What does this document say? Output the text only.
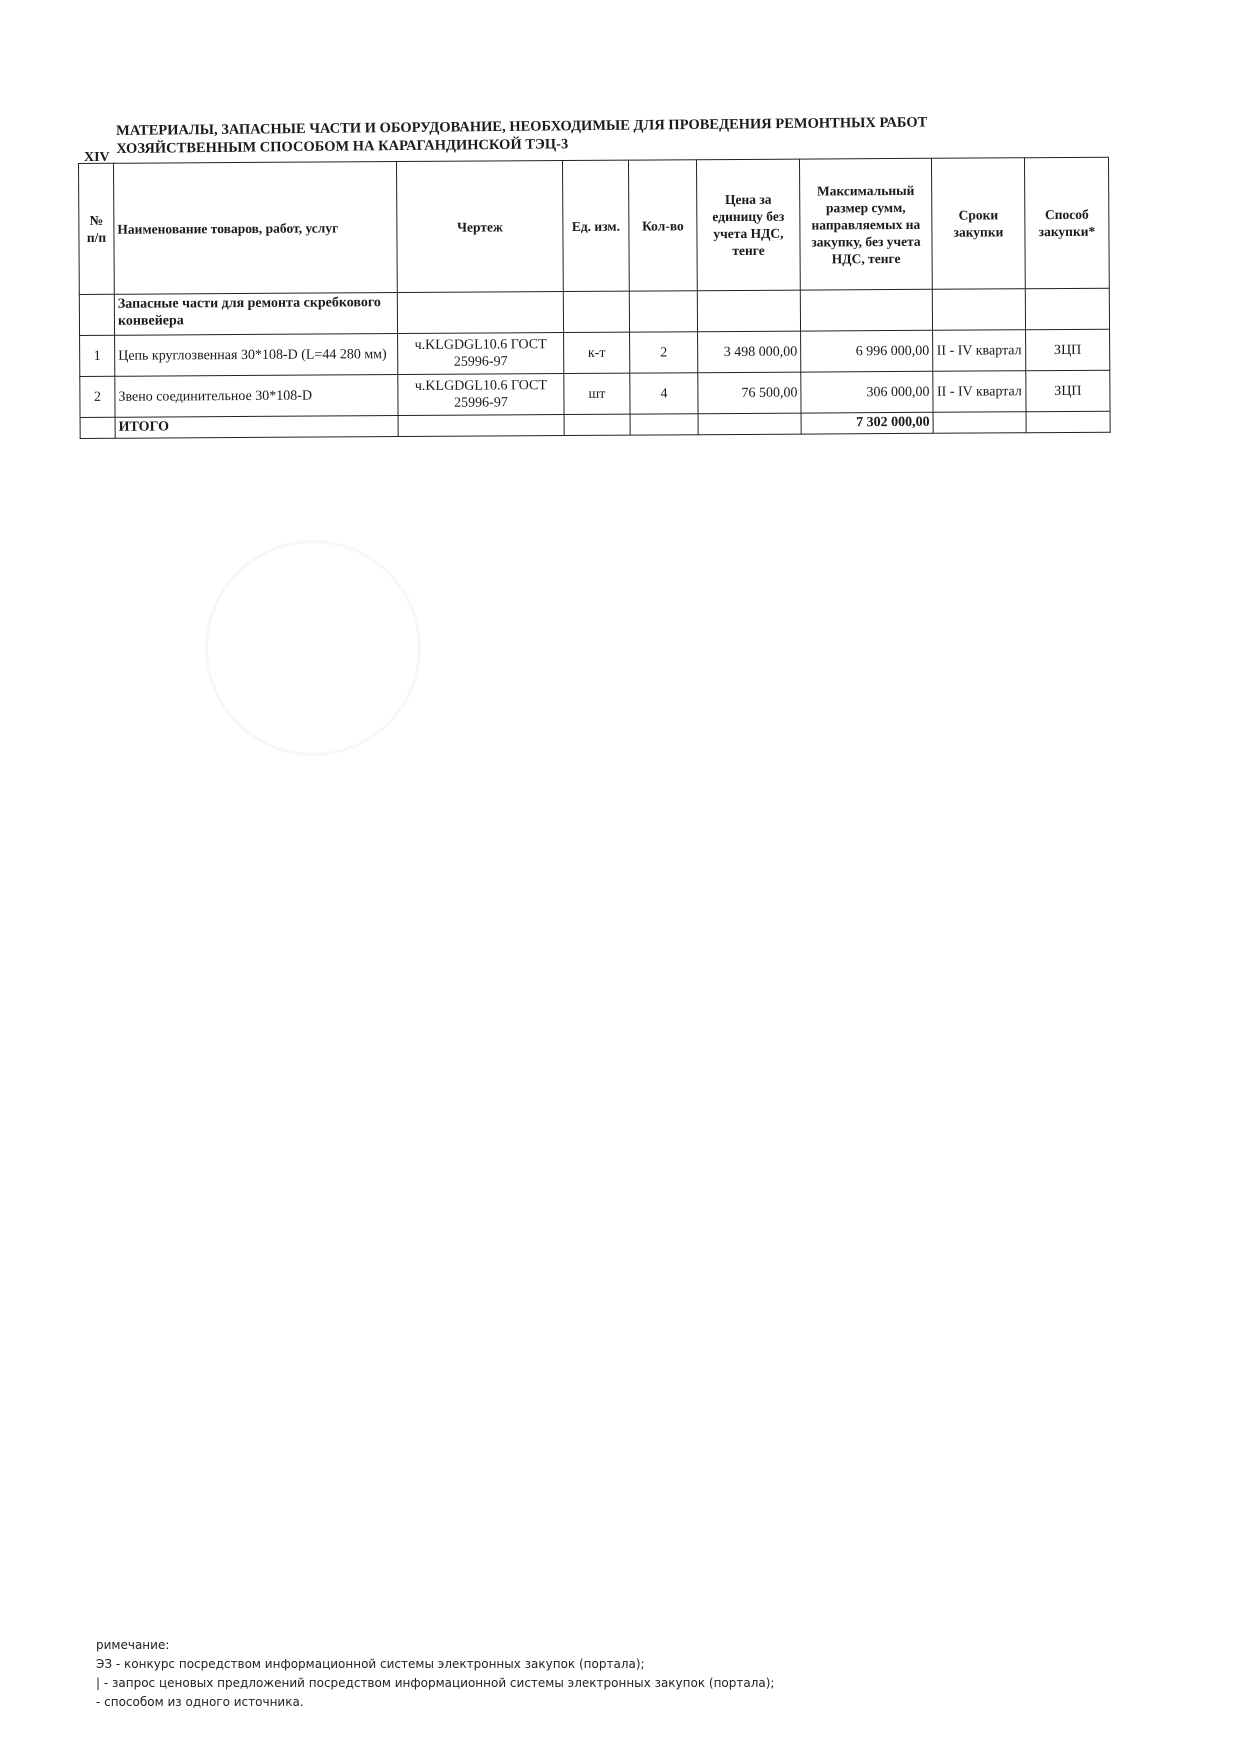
XIV
МАТЕРИАЛЫ, ЗАПАСНЫЕ ЧАСТИ И ОБОРУДОВАНИЕ, НЕОБХОДИМЫЕ ДЛЯ ПРОВЕДЕНИЯ РЕМОНТНЫХ РАБОТ
ХОЗЯЙСТВЕННЫМ СПОСОБОМ НА КАРАГАНДИНСКОЙ ТЭЦ-3
№ п/п	Наименование товаров, работ, услуг	Чертеж	Ед. изм.	Кол-во	Цена за единицу без учета НДС, тенге	Максимальный размер сумм, направляемых на закупку, без учета НДС, тенге	Сроки закупки	Способ закупки*
	Запасные части для ремонта скребкового конвейера							
1	Цепь круглозвенная 30*108-D (L=44 280 мм)	ч.KLGDGL10.6 ГОСТ 25996-97	к-т	2	3 498 000,00	6 996 000,00	II - IV квартал	ЗЦП
2	Звено соединительное 30*108-D	ч.KLGDGL10.6 ГОСТ 25996-97	шт	4	76 500,00	306 000,00	II - IV квартал	ЗЦП
	ИТОГО					7 302 000,00		
римечание:
ЭЗ - конкурс посредством информационной системы электронных закупок (портала);
| - запрос ценовых предложений посредством информационной системы электронных закупок (портала);
- способом из одного источника.
